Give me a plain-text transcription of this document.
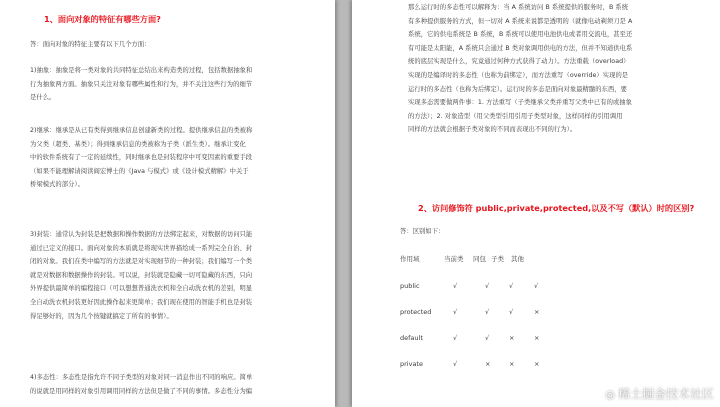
1、面向对象的特征有哪些方面?
答：面向对象的特征主要有以下几个方面：
1)抽象：抽象是将一类对象的共同特征总结出来构造类的过程，包括数据抽象和
行为抽象两方面。抽象只关注对象有哪些属性和行为，并不关注这些行为的细节
是什么。
2)继承：继承是从已有类得到继承信息创建新类的过程。提供继承信息的类被称
为父类（超类、基类）；得到继承信息的类被称为子类（派生类）。继承让变化
中的软件系统有了一定的延续性，同时继承也是封装程序中可变因素的重要手段
（如果不能理解请阅读阎宏博士的《Java 与模式》或《设计模式精解》中关于
桥梁模式的部分）。
3)封装：通常认为封装是把数据和操作数据的方法绑定起来，对数据的访问只能
通过已定义的接口。面向对象的本质就是将现实世界描绘成一系列完全自治、封
闭的对象。我们在类中编写的方法就是对实现细节的一种封装；我们编写一个类
就是对数据和数据操作的封装。可以说，封装就是隐藏一切可隐藏的东西，只向
外界提供最简单的编程接口（可以想想普通洗衣机和全自动洗衣机的差别，明显
全自动洗衣机封装更好因此操作起来更简单；我们现在使用的智能手机也是封装
得足够好的，因为几个按键就搞定了所有的事情）。
4)多态性：多态性是指允许不同子类型的对象对同一消息作出不同的响应。简单
的说就是用同样的对象引用调用同样的方法但是做了不同的事情。多态性分为编
那么运行时的多态性可以解释为：当 A 系统访问 B 系统提供的服务时，B 系统
有多种提供服务的方式，但一切对 A 系统来说都是透明的（就像电动剃须刀是 A
系统，它的供电系统是 B 系统，B 系统可以使用电池供电或者用交流电，甚至还
有可能是太阳能，A 系统只会通过 B 类对象调用供电的方法，但并不知道供电系
统的底层实现是什么，究竟通过何种方式获得了动力）。方法重载（overload）
实现的是编译时的多态性（也称为前绑定），而方法重写（override）实现的是
运行时的多态性（也称为后绑定）。运行时的多态是面向对象最精髓的东西，要
实现多态需要做两件事：1. 方法重写（子类继承父类并重写父类中已有的或抽象
的方法）；2. 对象造型（用父类型引用引用子类型对象，这样同样的引用调用
同样的方法就会根据子类对象的不同而表现出不同的行为）。
2、访问修饰符 public,private,protected,以及不写（默认）时的区别?
答：区别如下：
作用域	当前类 同包 子类 其他
public	√	√	√	√
protected	√	√	√	×
default	√	√	×	×
private	√	×	×	×
◎ 稀土掘金技术社区
